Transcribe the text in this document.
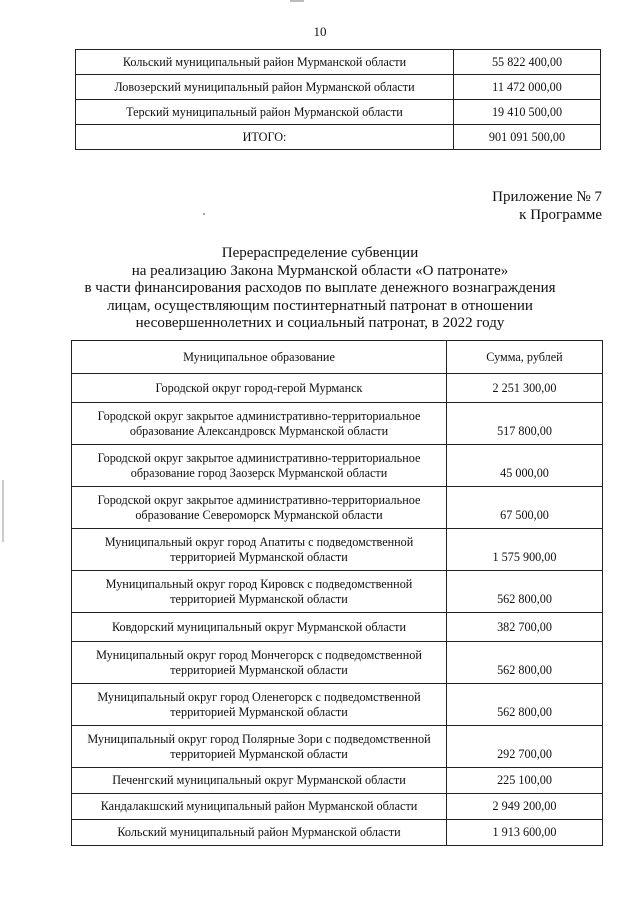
10
Кольский муниципальный район Мурманской области	55 822 400,00
Ловозерский муниципальный район Мурманской области	11 472 000,00
Терский муниципальный район Мурманской области	19 410 500,00
ИТОГО:	901 091 500,00
Приложение № 7
к Программе
Перераспределение субвенции
на реализацию Закона Мурманской области «О патронате»
в части финансирования расходов по выплате денежного вознаграждения
лицам, осуществляющим постинтернатный патронат в отношении
несовершеннолетних и социальный патронат, в 2022 году
Муниципальное образование	Сумма, рублей
Городской округ город-герой Мурманск	2 251 300,00
Городской округ закрытое административно-территориальное образование Александровск Мурманской области	517 800,00
Городской округ закрытое административно-территориальное образование город Заозерск Мурманской области	45 000,00
Городской округ закрытое административно-территориальное образование Североморск Мурманской области	67 500,00
Муниципальный округ город Апатиты с подведомственной территорией Мурманской области	1 575 900,00
Муниципальный округ город Кировск с подведомственной территорией Мурманской области	562 800,00
Ковдорский муниципальный округ Мурманской области	382 700,00
Муниципальный округ город Мончегорск с подведомственной территорией Мурманской области	562 800,00
Муниципальный округ город Оленегорск с подведомственной территорией Мурманской области	562 800,00
Муниципальный округ город Полярные Зори с подведомственной территорией Мурманской области	292 700,00
Печенгский муниципальный округ Мурманской области	225 100,00
Кандалакшский муниципальный район Мурманской области	2 949 200,00
Кольский муниципальный район Мурманской области	1 913 600,00
